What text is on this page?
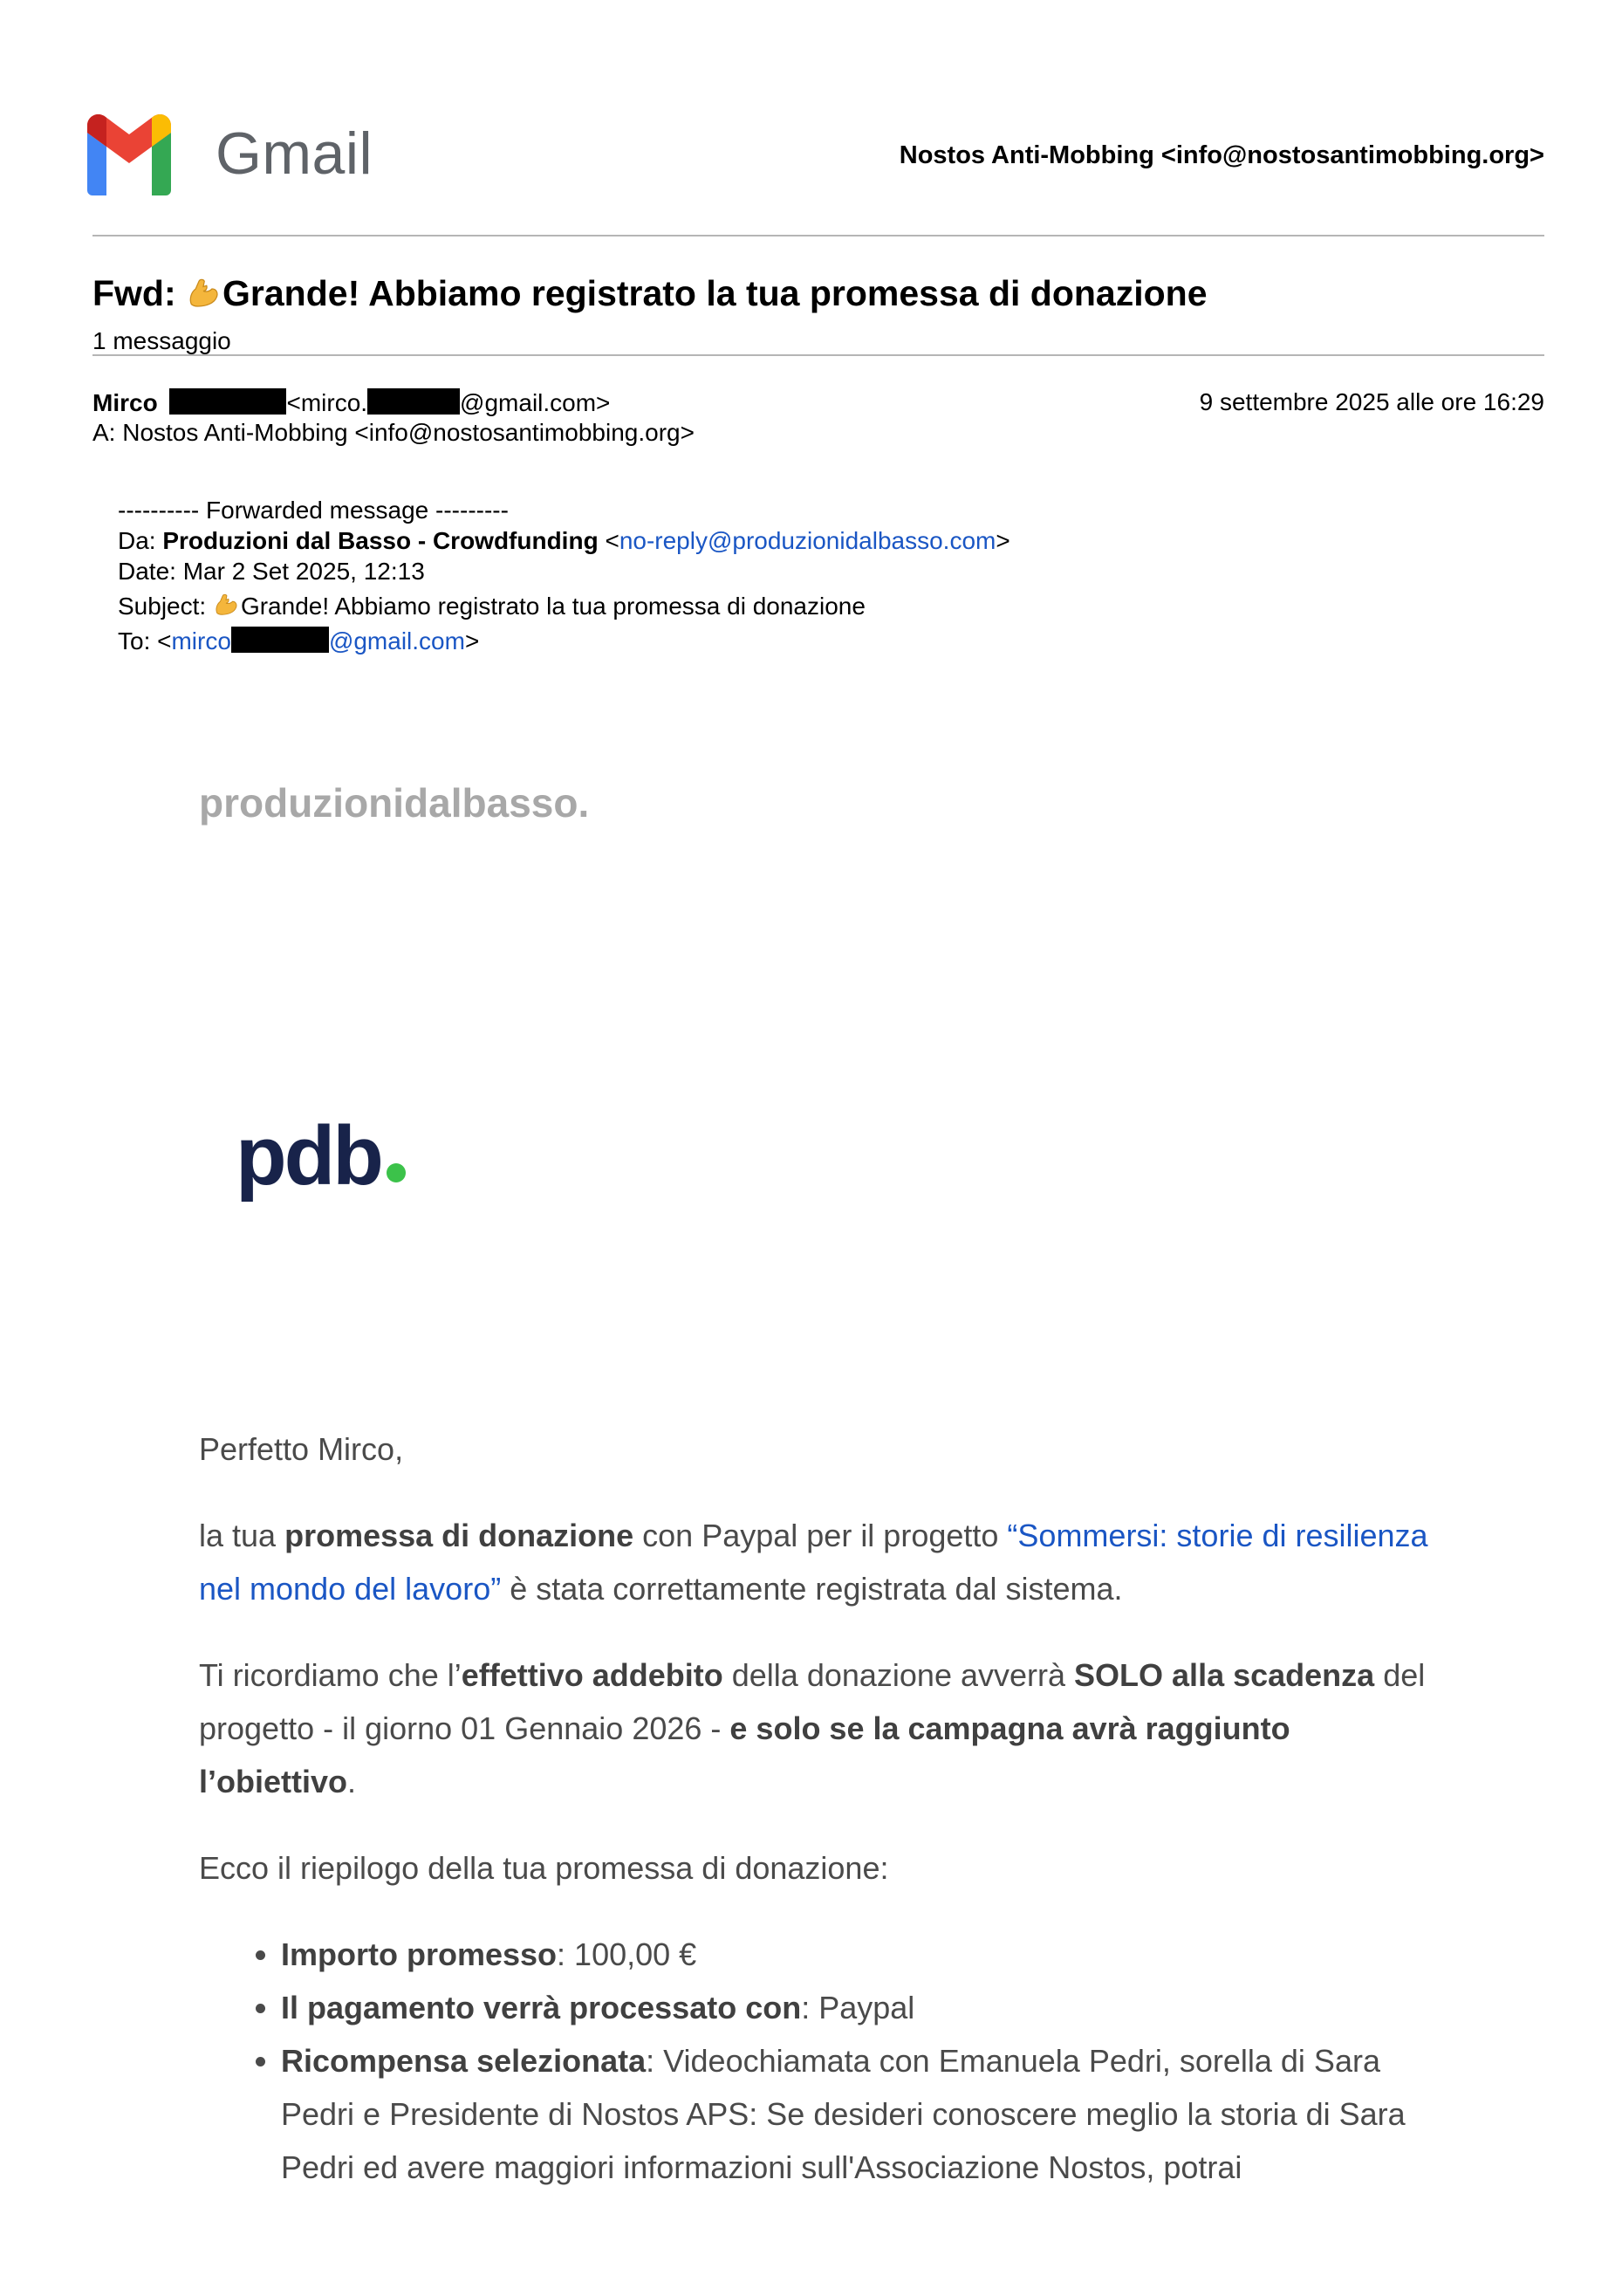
Gmail	Nostos Anti-Mobbing <info@nostosantimobbing.org>
Fwd: Grande! Abbiamo registrato la tua promessa di donazione
1 messaggio
Mirco	<mirco.	@gmail.com>	9 settembre 2025 alle ore 16:29
A: Nostos Anti-Mobbing <info@nostosantimobbing.org>
---------- Forwarded message ---------
Da: Produzioni dal Basso - Crowdfunding <no-reply@produzionidalbasso.com>
Date: Mar 2 Set 2025, 12:13
Subject: Grande! Abbiamo registrato la tua promessa di donazione
To: <mirco	@gmail.com>
produzionidalbasso.
pdb

Perfetto Mirco,

la tua promessa di donazione con Paypal per il progetto “Sommersi: storie di resilienza nel mondo del lavoro” è stata correttamente registrata dal sistema.

Ti ricordiamo che l’effettivo addebito della donazione avverrà SOLO alla scadenza del progetto - il giorno 01 Gennaio 2026 - e solo se la campagna avrà raggiunto l’obiettivo.

Ecco il riepilogo della tua promessa di donazione:

• Importo promesso: 100,00 €
• Il pagamento verrà processato con: Paypal
• Ricompensa selezionata: Videochiamata con Emanuela Pedri, sorella di Sara Pedri e Presidente di Nostos APS: Se desideri conoscere meglio la storia di Sara Pedri ed avere maggiori informazioni sull'Associazione Nostos, potrai
